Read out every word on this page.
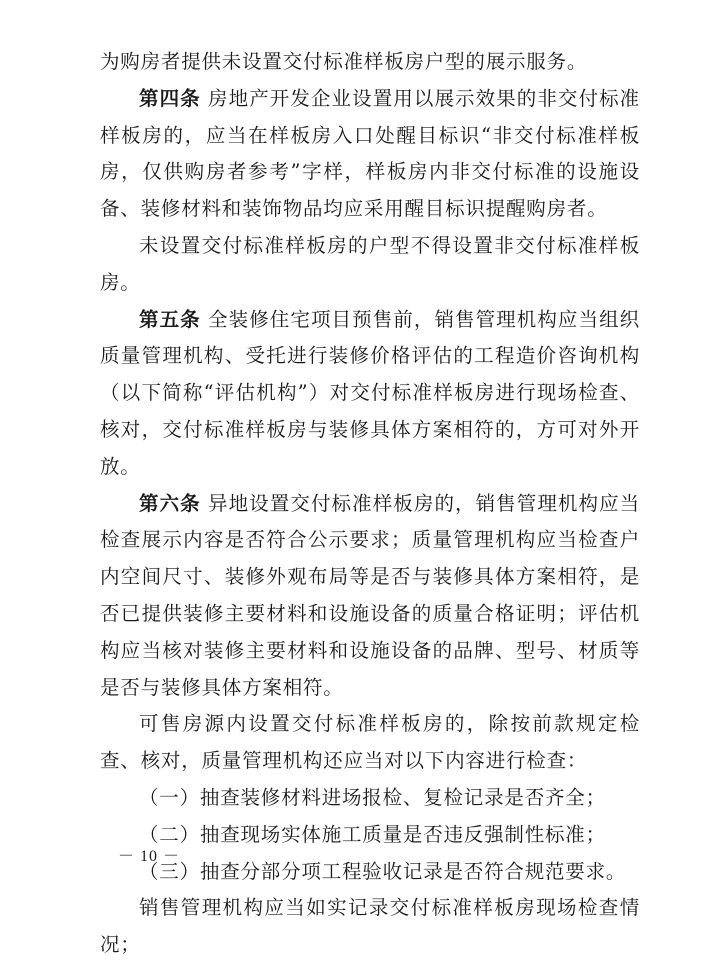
为购房者提供未设置交付标准样板房户型的展示服务。

第四条 房地产开发企业设置用以展示效果的非交付标准样板房的，应当在样板房入口处醒目标识“非交付标准样板房，仅供购房者参考”字样，样板房内非交付标准的设施设备、装修材料和装饰物品均应采用醒目标识提醒购房者。

未设置交付标准样板房的户型不得设置非交付标准样板房。

第五条 全装修住宅项目预售前，销售管理机构应当组织质量管理机构、受托进行装修价格评估的工程造价咨询机构（以下简称“评估机构”）对交付标准样板房进行现场检查、核对，交付标准样板房与装修具体方案相符的，方可对外开放。

第六条 异地设置交付标准样板房的，销售管理机构应当检查展示内容是否符合公示要求；质量管理机构应当检查户内空间尺寸、装修外观布局等是否与装修具体方案相符，是否已提供装修主要材料和设施设备的质量合格证明；评估机构应当核对装修主要材料和设施设备的品牌、型号、材质等是否与装修具体方案相符。

可售房源内设置交付标准样板房的，除按前款规定检查、核对，质量管理机构还应当对以下内容进行检查：

（一）抽查装修材料进场报检、复检记录是否齐全；

（二）抽查现场实体施工质量是否违反强制性标准；

（三）抽查分部分项工程验收记录是否符合规范要求。

销售管理机构应当如实记录交付标准样板房现场检查情况；

－ 10 －
